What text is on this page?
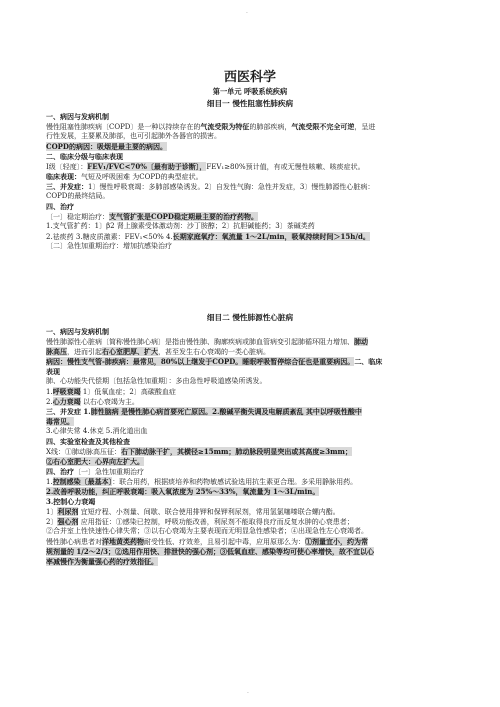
·
西医科学
第一单元 呼吸系统疾病
细目一 慢性阻塞性肺疾病
一、病因与发病机制
慢性阻塞性肺疾病〔COPD〕是一种以持续存在的气流受限为特征的肺部疾病，气流受限不完全可逆，呈进
行性发展，主要累及肺部，也可引起肺外各器官的损害。
COPD的病因：吸烟是最主要的病因。
二、临床分级与临床表现
Ⅰ级〔轻度〕：FEV₁/FVC<70%〔最有助于诊断〕，FEV₁≥80%预计值，有或无慢性咳嗽、咳痰症状。
临床表现：气短及呼吸困难 为COPD的典型症状。
三、并发症：1〕慢性呼吸衰竭：多肺部感染诱发。2〕自发性气胸：急性并发症，3〕慢性肺源性心脏病：
COPD的最终结局。
四、治疗
〔一〕稳定期治疗：支气管扩张是COPD稳定期最主要的治疗药物。
1.支气管扩药：1〕β2 肾上腺素受体激动剂：沙丁胺醇；2〕抗胆碱能药；3〕茶碱类药
2.祛痰药 3.糖皮质激素：FEV₁<50% 4.长期家庭氧疗：氧流量 1～2L/min，吸氧持续时间＞15h/d。
〔二〕急性加重期治疗：增加抗感染治疗
细目二 慢性肺源性心脏病
一、病因与发病机制
慢性肺源性心脏病〔简称慢性肺心病〕是指由慢性肺、胸廓疾病或肺血管病变引起肺循环阻力增加、肺动
脉高压，进而引起右心室肥厚、扩大，甚至发生右心衰竭的一类心脏病。
病因：慢性支气管-肺疾病：最常见，80%以上继发于COPD。睡眠呼吸暂停综合征也是重要病因。二、临床
表现
肺、心功能失代偿期〔包括急性加重期〕：多由急性呼吸道感染所诱发。
1.呼吸衰竭 1〕低氧血症；2〕高碳酸血症
2.心力衰竭 以右心衰竭为主。
三、并发症 1.肺性脑病 是慢性肺心病首要死亡原因。2.酸碱平衡失调及电解质紊乱 其中以呼吸性酸中
毒常见。
3.心律失常 4.休克 5.消化道出血
四、实验室检查及其他检查
X线：①肺动脉高压征：右下肺动脉干扩，其横径≥15mm；肺动脉段明显突出或其高度≥3mm；
②右心室肥大：心界向左扩大。
四、治疗〔一〕急性加重期治疗
1.控制感染〔最基本〕：联合用药，根据痰培养和药物敏感试验选用抗生素更合理。多采用静脉用药。
2.改善呼吸功能，纠正呼吸衰竭：吸入氧浓度为 25%～33%，氧流量为 1～3L/min。
3.控制心力衰竭
1〕利尿剂 宜短疗程、小剂量、间歇、联合使用排钾和保钾利尿剂，常用氢氯噻嗪联合螺内酯。
2〕强心剂 应用指征：①感染已控制，呼吸功能改善，利尿剂不能取得良疗而反复水肿的心衰患者；
②合并室上性快速性心律失常；③以右心衰竭为主要表现而无明显急性感染者；④出现急性左心衰竭者。
慢性肺心病患者对洋地黄类药物耐受性低、疗效差，且易引起中毒，应用原那么为：①剂量宜小，约为常
规剂量的 1/2～2/3；②选用作用快、排泄快的强心剂；③低氧血症、感染等均可使心率增快，故不宜以心
率减慢作为衡量强心药的疗效指征。
·
